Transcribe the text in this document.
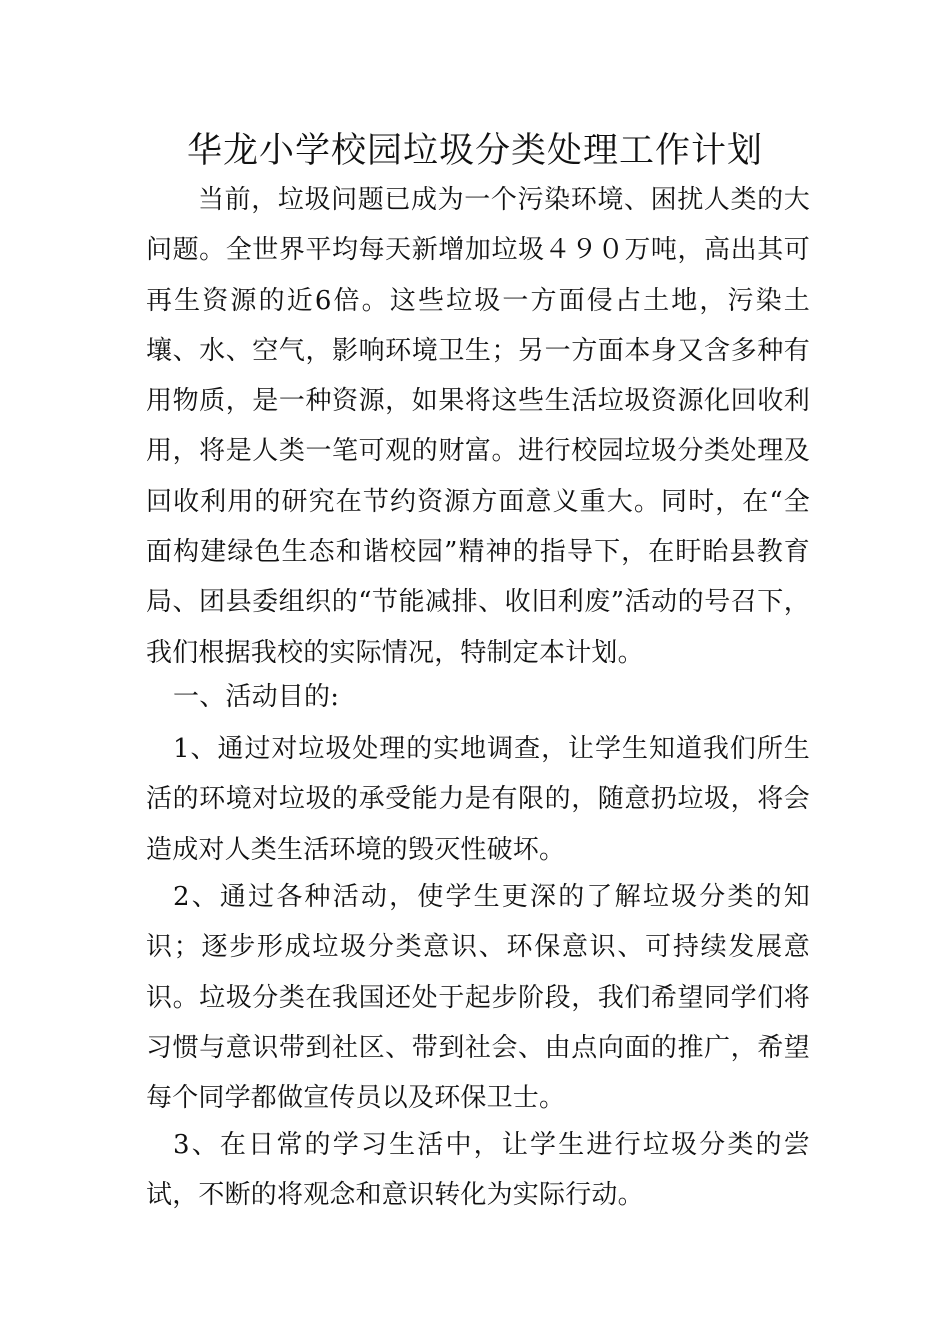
华龙小学校园垃圾分类处理工作计划

当前，垃圾问题已成为一个污染环境、困扰人类的大问题。全世界平均每天新增加垃圾４９０万吨，高出其可再生资源的近6倍。这些垃圾一方面侵占土地，污染土壤、水、空气，影响环境卫生；另一方面本身又含多种有用物质，是一种资源，如果将这些生活垃圾资源化回收利用，将是人类一笔可观的财富。进行校园垃圾分类处理及回收利用的研究在节约资源方面意义重大。同时，在“全面构建绿色生态和谐校园”精神的指导下，在盱眙县教育局、团县委组织的“节能减排、收旧利废”活动的号召下，我们根据我校的实际情况，特制定本计划。

一、活动目的:

1、通过对垃圾处理的实地调查，让学生知道我们所生活的环境对垃圾的承受能力是有限的，随意扔垃圾，将会造成对人类生活环境的毁灭性破坏。

2、通过各种活动，使学生更深的了解垃圾分类的知识；逐步形成垃圾分类意识、环保意识、可持续发展意识。垃圾分类在我国还处于起步阶段，我们希望同学们将习惯与意识带到社区、带到社会、由点向面的推广，希望每个同学都做宣传员以及环保卫士。

3、在日常的学习生活中，让学生进行垃圾分类的尝试，不断的将观念和意识转化为实际行动。
